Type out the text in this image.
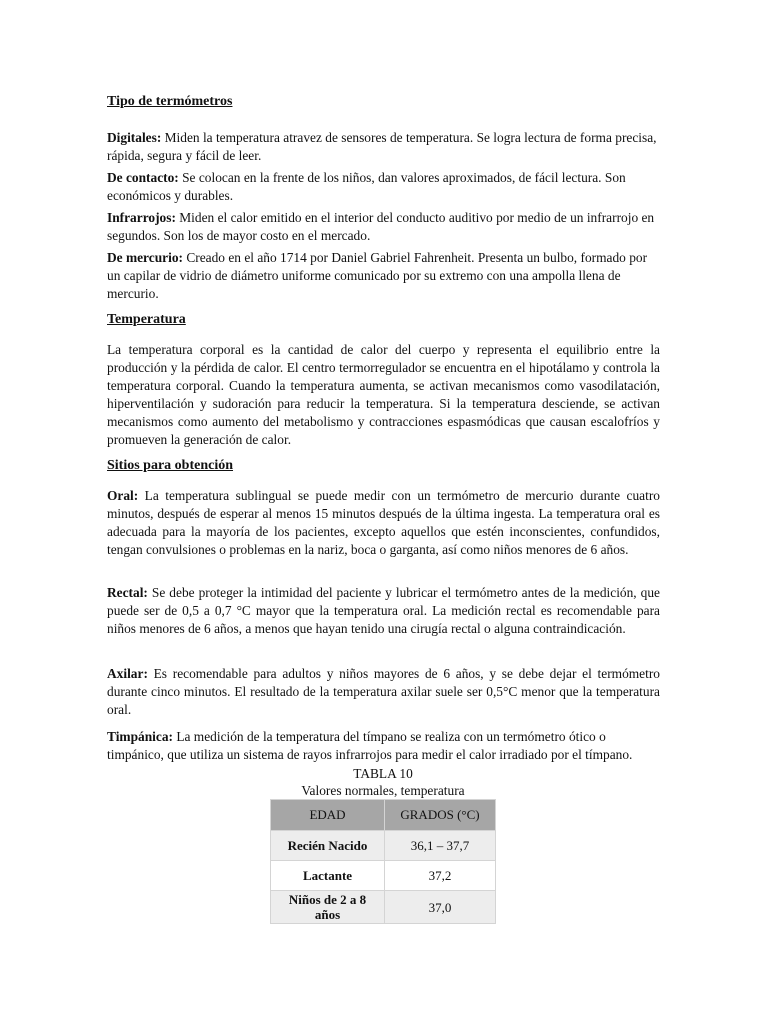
Tipo de termómetros

Digitales: Miden la temperatura atravez de sensores de temperatura. Se logra lectura de forma precisa, rápida, segura y fácil de leer.

De contacto: Se colocan en la frente de los niños, dan valores aproximados, de fácil lectura. Son económicos y durables.

Infrarrojos: Miden el calor emitido en el interior del conducto auditivo por medio de un infrarrojo en segundos. Son los de mayor costo en el mercado.

De mercurio: Creado en el año 1714 por Daniel Gabriel Fahrenheit. Presenta un bulbo, formado por un capilar de vidrio de diámetro uniforme comunicado por su extremo con una ampolla llena de mercurio.

Temperatura

La temperatura corporal es la cantidad de calor del cuerpo y representa el equilibrio entre la producción y la pérdida de calor. El centro termorregulador se encuentra en el hipotálamo y controla la temperatura corporal. Cuando la temperatura aumenta, se activan mecanismos como vasodilatación, hiperventilación y sudoración para reducir la temperatura. Si la temperatura desciende, se activan mecanismos como aumento del metabolismo y contracciones espasmódicas que causan escalofríos y promueven la generación de calor.

Sitios para obtención

Oral: La temperatura sublingual se puede medir con un termómetro de mercurio durante cuatro minutos, después de esperar al menos 15 minutos después de la última ingesta. La temperatura oral es adecuada para la mayoría de los pacientes, excepto aquellos que estén inconscientes, confundidos, tengan convulsiones o problemas en la nariz, boca o garganta, así como niños menores de 6 años.

Rectal: Se debe proteger la intimidad del paciente y lubricar el termómetro antes de la medición, que puede ser de 0,5 a 0,7 °C mayor que la temperatura oral. La medición rectal es recomendable para niños menores de 6 años, a menos que hayan tenido una cirugía rectal o alguna contraindicación.

Axilar: Es recomendable para adultos y niños mayores de 6 años, y se debe dejar el termómetro durante cinco minutos. El resultado de la temperatura axilar suele ser 0,5°C menor que la temperatura oral.

Timpánica: La medición de la temperatura del tímpano se realiza con un termómetro ótico o timpánico, que utiliza un sistema de rayos infrarrojos para medir el calor irradiado por el tímpano.

TABLA 10
Valores normales, temperatura
EDAD	GRADOS (°C)
Recién Nacido	36,1 – 37,7
Lactante	37,2
Niños de 2 a 8 años	37,0
